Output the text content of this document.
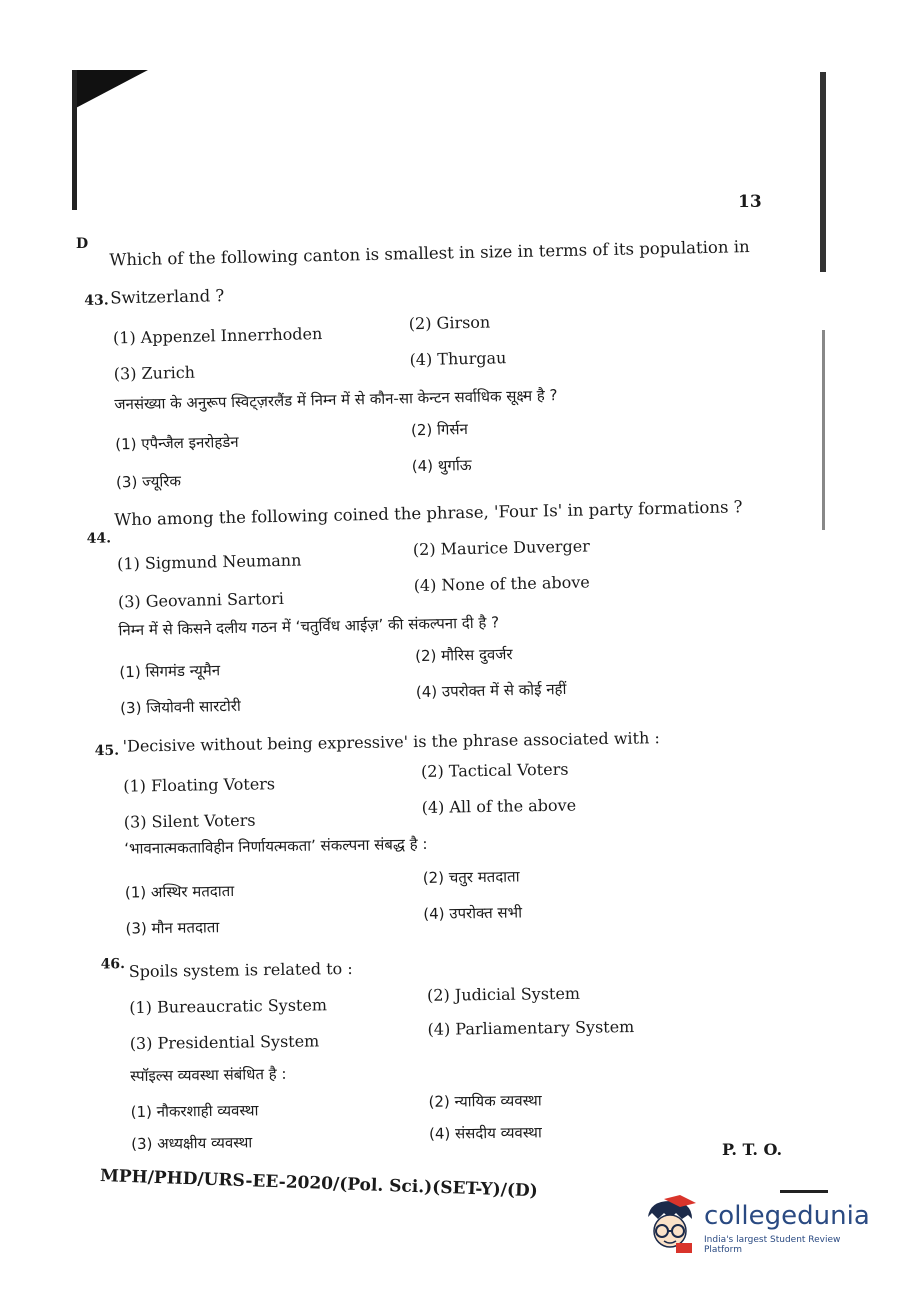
13
D
43.
Which of the following canton is smallest in size in terms of its population in
Switzerland ?
(1) Appenzel Innerrhoden
(2) Girson
(3) Zurich
(4) Thurgau
जनसंख्या के अनुरूप स्विट्ज़रलैंड में निम्न में से कौन-सा केन्टन सर्वाधिक सूक्ष्म है ?
(1) एपैन्जैल इनरोहडेन
(2) गिर्सन
(3) ज्यूरिक
(4) थुर्गाऊ
44.
Who among the following coined the phrase, 'Four Is' in party formations ?
(1) Sigmund Neumann
(2) Maurice Duverger
(3) Geovanni Sartori
(4) None of the above
निम्न में से किसने दलीय गठन में ‘चतुर्विध आईज़’ की संकल्पना दी है ?
(1) सिगमंड न्यूमैन
(2) मौरिस दुवर्जर
(3) जियोवनी सारटोरी
(4) उपरोक्त में से कोई नहीं
45. 'Decisive without being expressive' is the phrase associated with :
(1) Floating Voters
(2) Tactical Voters
(3) Silent Voters
(4) All of the above
‘भावनात्मकताविहीन निर्णायत्मकता’ संकल्पना संबद्ध है :
(1) अस्थिर मतदाता
(2) चतुर मतदाता
(3) मौन मतदाता
(4) उपरोक्त सभी
46. Spoils system is related to :
(1) Bureaucratic System
(2) Judicial System
(3) Presidential System
(4) Parliamentary System
स्पॉइल्स व्यवस्था संबंधित है :
(1) नौकरशाही व्यवस्था
(2) न्यायिक व्यवस्था
(3) अध्यक्षीय व्यवस्था
(4) संसदीय व्यवस्था
P. T. O.
MPH/PHD/URS-EE-2020/(Pol. Sci.)(SET-Y)/(D)
collegedunia
India's largest Student Review Platform
